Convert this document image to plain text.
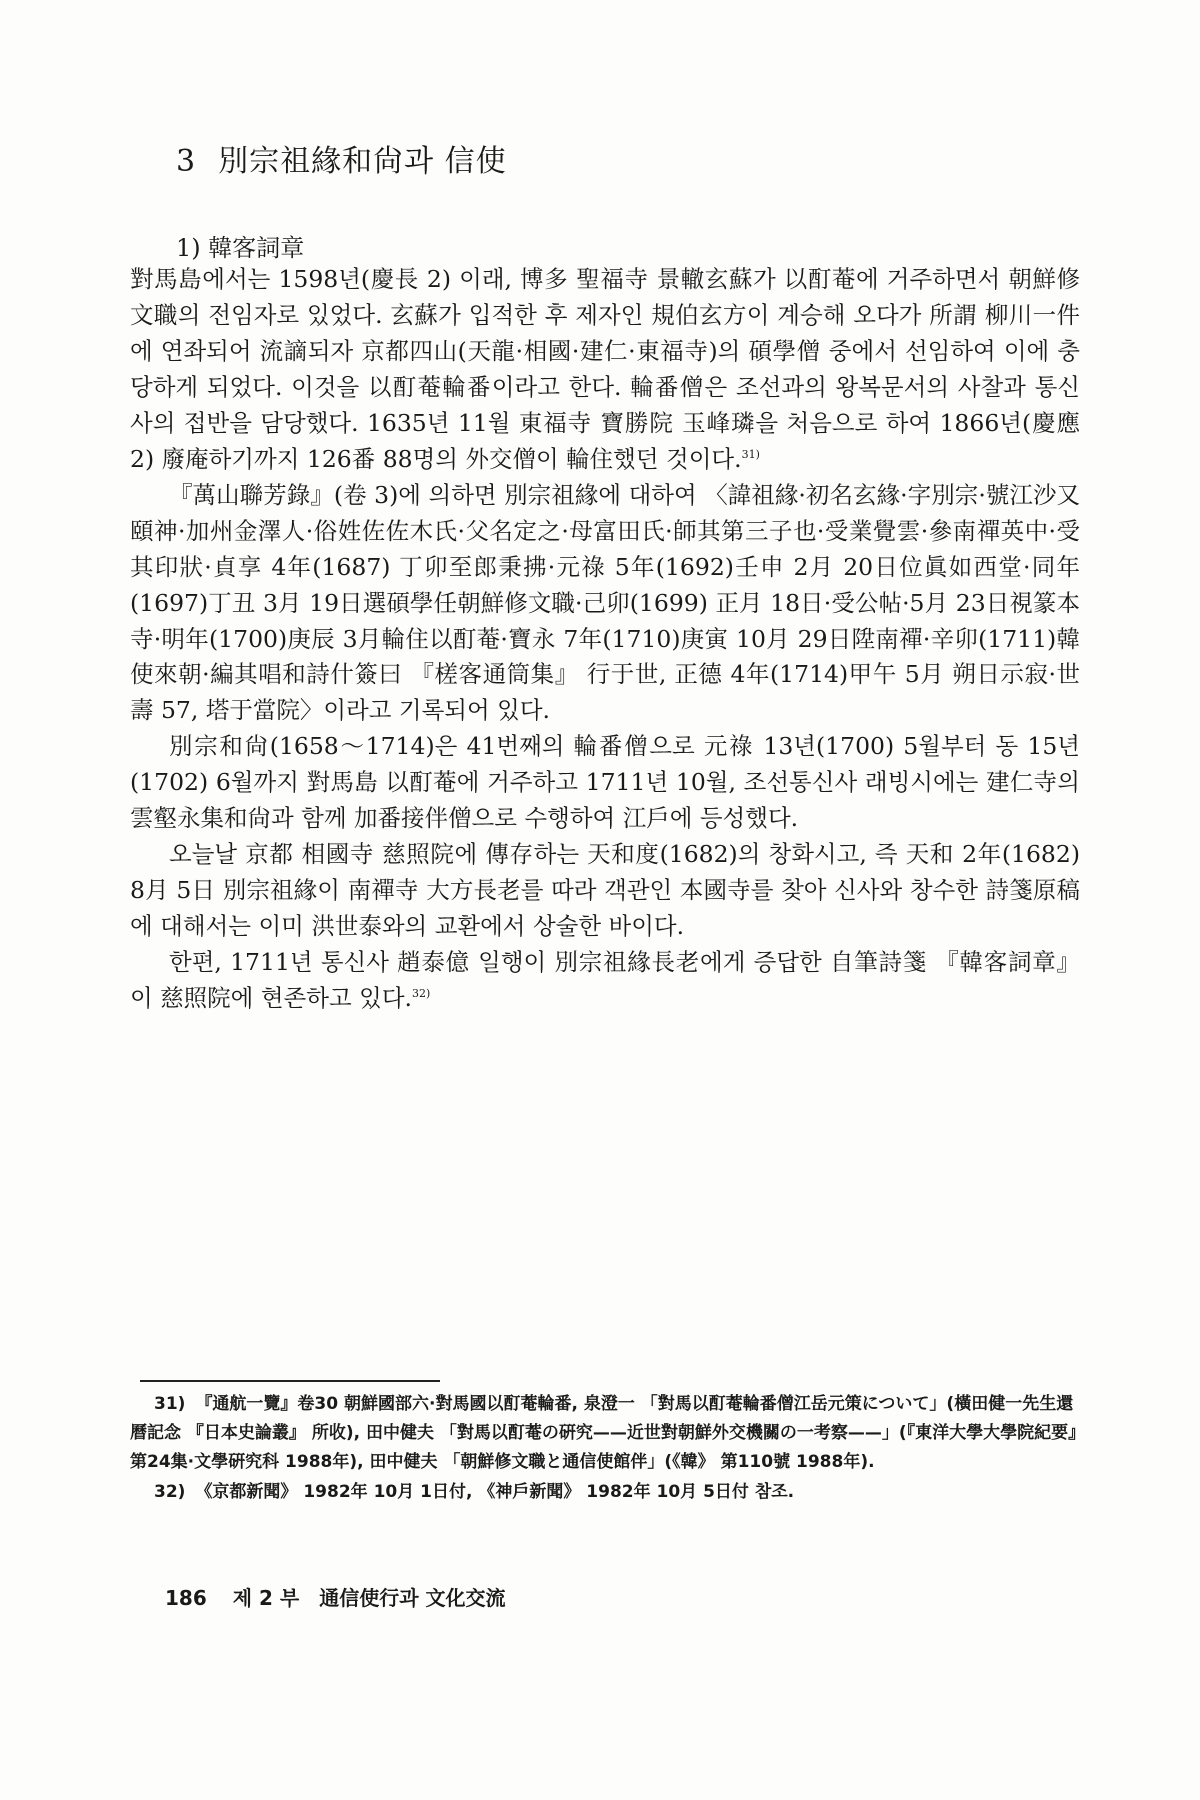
3 別宗祖緣和尙과 信使
1) 韓客詞章

對馬島에서는 1598년(慶長 2) 이래, 博多 聖福寺 景轍玄蘇가 以酊菴에 거주하면서 朝鮮修文職의 전임자로 있었다. 玄蘇가 입적한 후 제자인 規伯玄方이 계승해 오다가 所謂 柳川一件에 연좌되어 流謫되자 京都四山(天龍·相國·建仁·東福寺)의 碩學僧 중에서 선임하여 이에 충당하게 되었다. 이것을 以酊菴輪番이라고 한다. 輪番僧은 조선과의 왕복문서의 사찰과 통신사의 접반을 담당했다. 1635년 11월 東福寺 寶勝院 玉峰璘을 처음으로 하여 1866년(慶應 2) 廢庵하기까지 126番 88명의 外交僧이 輪住했던 것이다.$^{31)}$

『萬山聯芳錄』(卷 3)에 의하면 別宗祖緣에 대하여 〈諱祖緣·初名玄緣·字別宗·號江沙又頤神·加州金澤人·俗姓佐佐木氏·父名定之·母富田氏·師其第三子也·受業覺雲·參南禪英中·受其印狀·貞享 4年(1687) 丁卯至郎秉拂·元祿 5年(1692)壬申 2月 20日位眞如西堂·同年(1697)丁丑 3月 19日選碩學任朝鮮修文職·己卯(1699) 正月 18日·受公帖·5月 23日視篆本寺·明年(1700)庚辰 3月輪住以酊菴·寶永 7年(1710)庚寅 10月 29日陞南禪·辛卯(1711)韓使來朝·編其唱和詩什簽曰 『槎客通筒集』 行于世, 正德 4年(1714)甲午 5月 朔日示寂·世壽 57, 塔于當院〉이라고 기록되어 있다.

別宗和尙(1658～1714)은 41번째의 輪番僧으로 元祿 13년(1700) 5월부터 동 15년(1702) 6월까지 對馬島 以酊菴에 거주하고 1711년 10월, 조선통신사 래빙시에는 建仁寺의 雲壑永集和尙과 함께 加番接伴僧으로 수행하여 江戶에 등성했다.

오늘날 京都 相國寺 慈照院에 傳存하는 天和度(1682)의 창화시고, 즉 天和 2年(1682) 8月 5日 別宗祖緣이 南禪寺 大方長老를 따라 객관인 本國寺를 찾아 신사와 창수한 詩箋原稿에 대해서는 이미 洪世泰와의 교환에서 상술한 바이다.

한편, 1711년 통신사 趙泰億 일행이 別宗祖緣長老에게 증답한 自筆詩箋 『韓客詞章』이 慈照院에 현존하고 있다.$^{32)}$

31) 『通航一覽』卷30 朝鮮國部六·對馬國以酊菴輪番, 泉澄一 「對馬以酊菴輪番僧江岳元策について」(橫田健一先生還曆記念 『日本史論叢』 所收), 田中健夫 「對馬以酊菴の硏究——近世對朝鮮外交機關の一考察——」(『東洋大學大學院紀要』第24集·文學硏究科 1988年), 田中健夫 「朝鮮修文職と通信使館伴」(《韓》 第110號 1988年).

32) 《京都新聞》 1982年 10月 1日付, 《神戶新聞》 1982年 10月 5日付 참조.

186 제 2 부 通信使行과 文化交流
